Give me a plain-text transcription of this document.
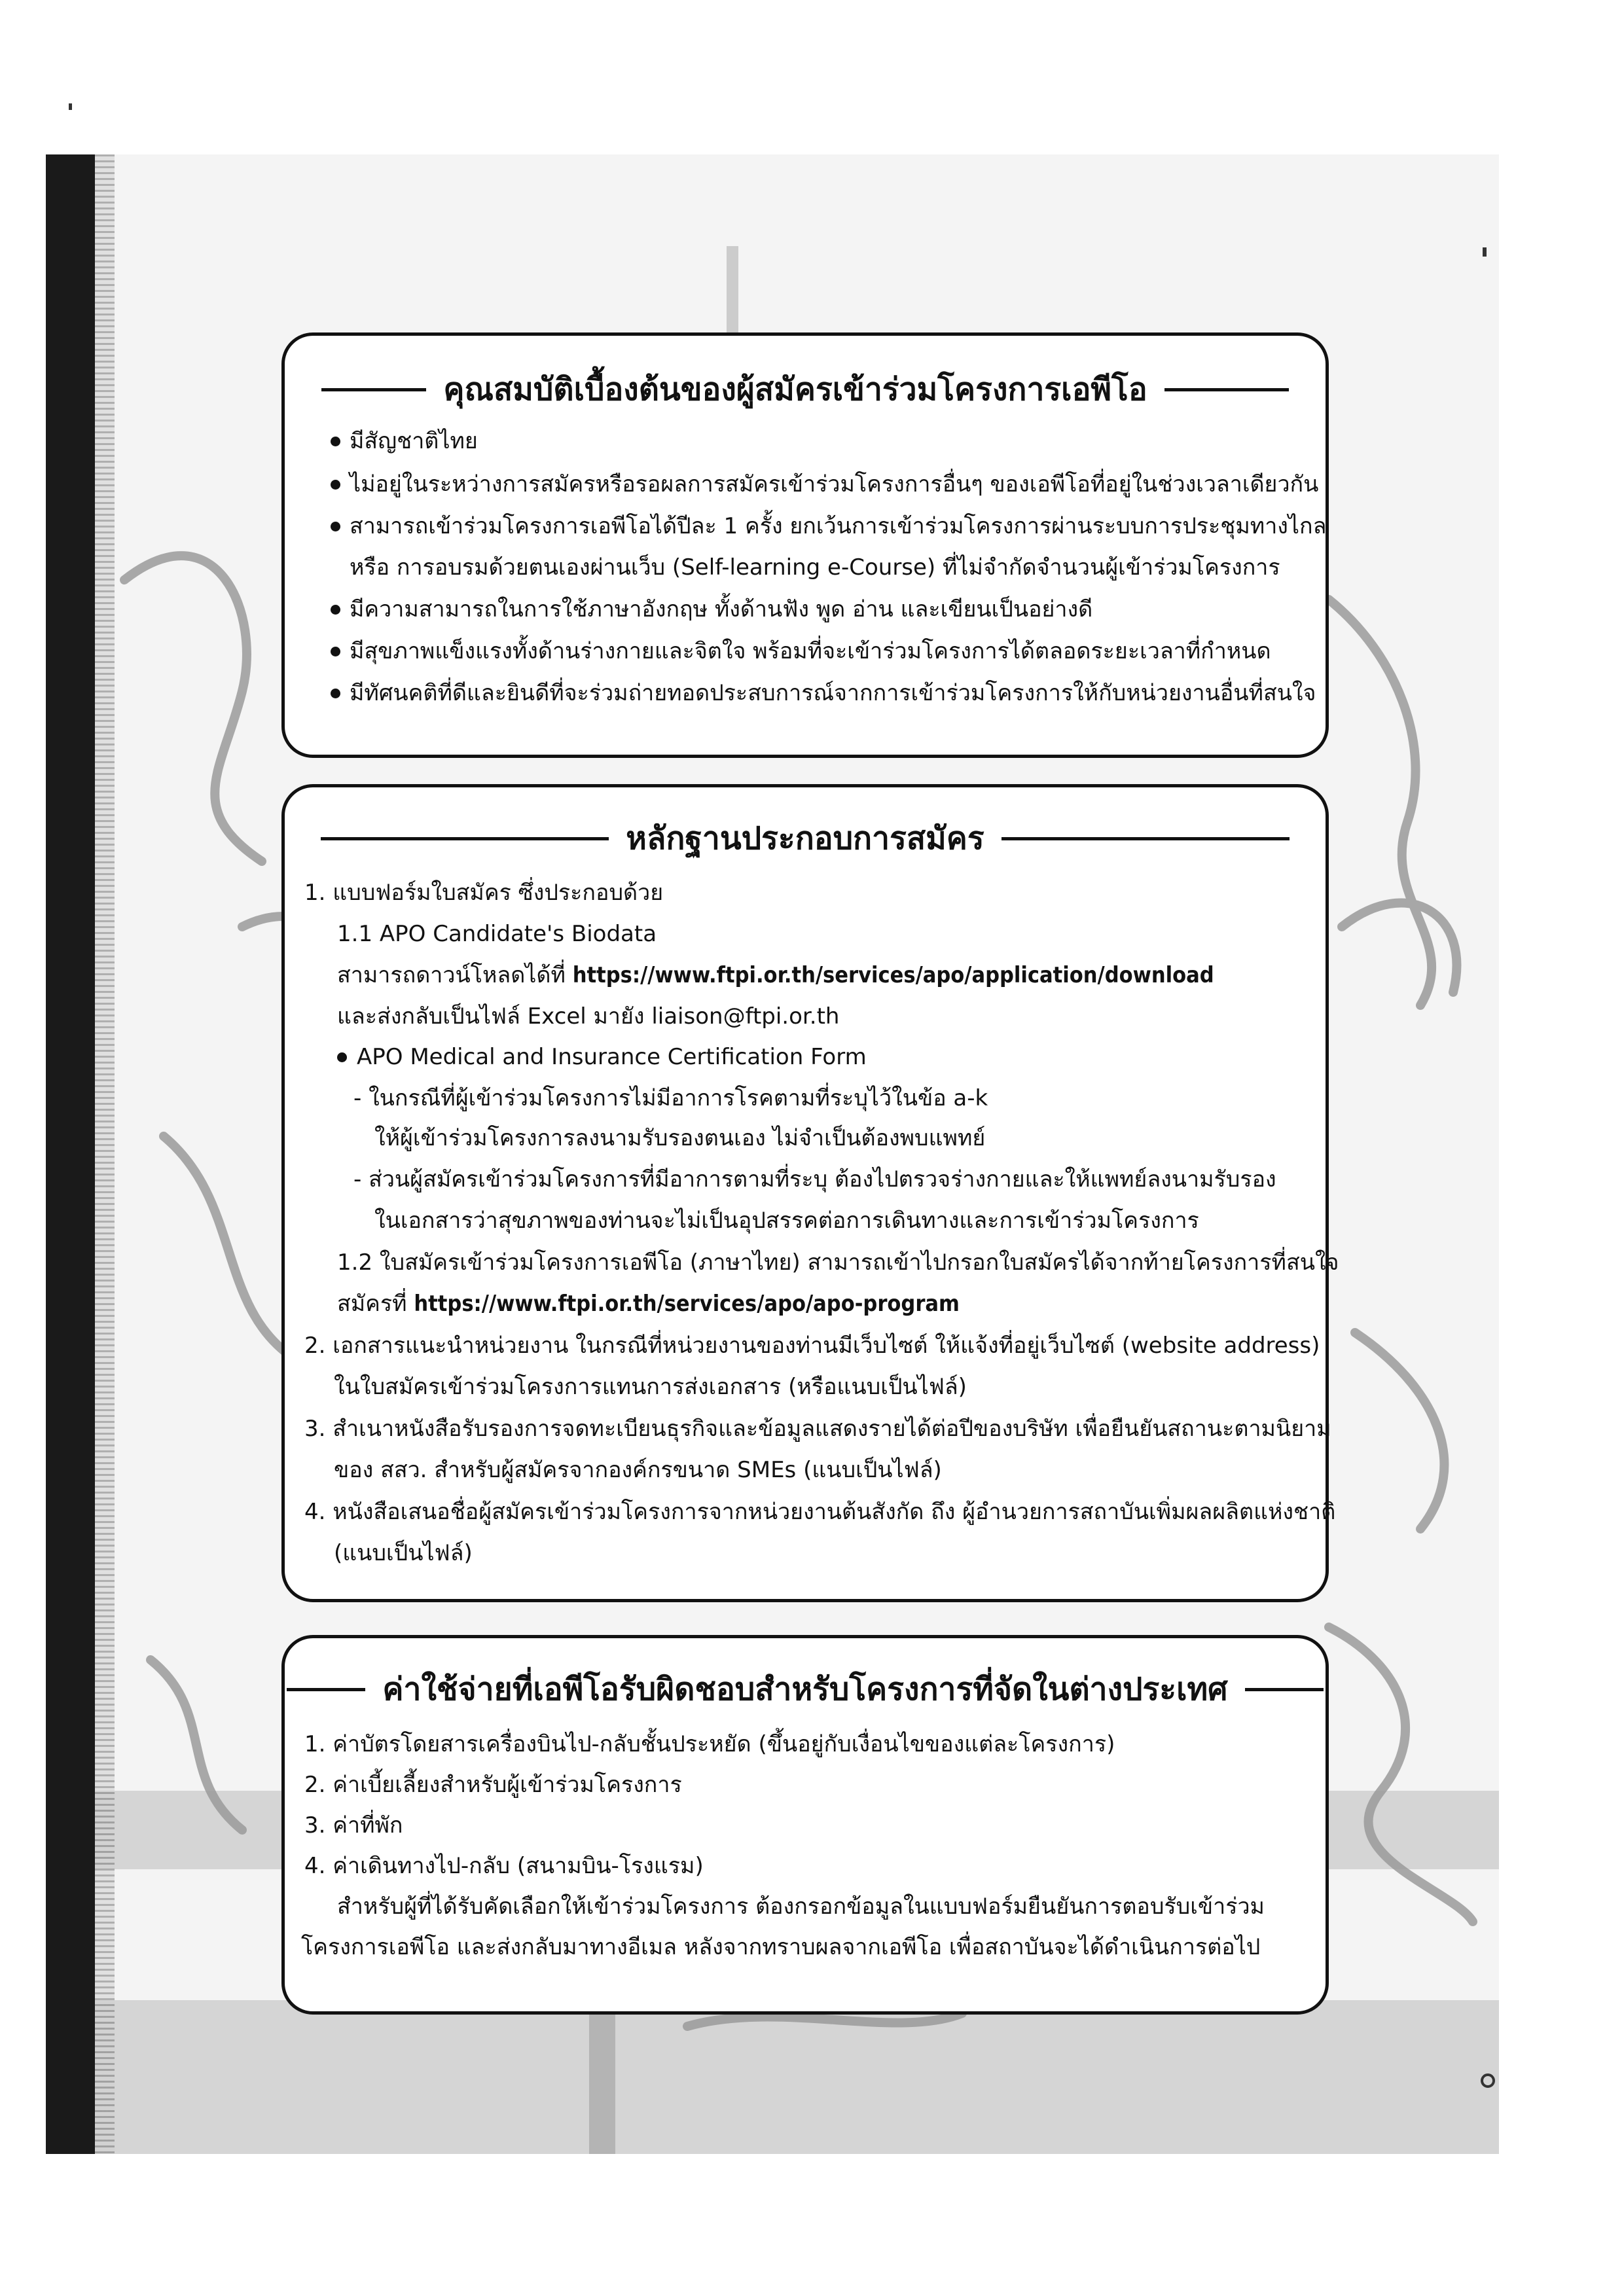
คุณสมบัติเบื้องต้นของผู้สมัครเข้าร่วมโครงการเอพีโอ
มีสัญชาติไทย
ไม่อยู่ในระหว่างการสมัครหรือรอผลการสมัครเข้าร่วมโครงการอื่นๆ ของเอพีโอที่อยู่ในช่วงเวลาเดียวกัน
สามารถเข้าร่วมโครงการเอพีโอได้ปีละ 1 ครั้ง ยกเว้นการเข้าร่วมโครงการผ่านระบบการประชุมทางไกล
หรือ การอบรมด้วยตนเองผ่านเว็บ (Self-learning e-Course) ที่ไม่จำกัดจำนวนผู้เข้าร่วมโครงการ
มีความสามารถในการใช้ภาษาอังกฤษ ทั้งด้านฟัง พูด อ่าน และเขียนเป็นอย่างดี
มีสุขภาพแข็งแรงทั้งด้านร่างกายและจิตใจ พร้อมที่จะเข้าร่วมโครงการได้ตลอดระยะเวลาที่กำหนด
มีทัศนคติที่ดีและยินดีที่จะร่วมถ่ายทอดประสบการณ์จากการเข้าร่วมโครงการให้กับหน่วยงานอื่นที่สนใจ
หลักฐานประกอบการสมัคร
1. แบบฟอร์มใบสมัคร ซึ่งประกอบด้วย
1.1 APO Candidate's Biodata
สามารถดาวน์โหลดได้ที่ https://www.ftpi.or.th/services/apo/application/download
และส่งกลับเป็นไฟล์ Excel มายัง liaison@ftpi.or.th
APO Medical and Insurance Certification Form
- ในกรณีที่ผู้เข้าร่วมโครงการไม่มีอาการโรคตามที่ระบุไว้ในข้อ a-k
ให้ผู้เข้าร่วมโครงการลงนามรับรองตนเอง ไม่จำเป็นต้องพบแพทย์
- ส่วนผู้สมัครเข้าร่วมโครงการที่มีอาการตามที่ระบุ ต้องไปตรวจร่างกายและให้แพทย์ลงนามรับรอง
ในเอกสารว่าสุขภาพของท่านจะไม่เป็นอุปสรรคต่อการเดินทางและการเข้าร่วมโครงการ
1.2 ใบสมัครเข้าร่วมโครงการเอพีโอ (ภาษาไทย) สามารถเข้าไปกรอกใบสมัครได้จากท้ายโครงการที่สนใจ
สมัครที่ https://www.ftpi.or.th/services/apo/apo-program
2. เอกสารแนะนำหน่วยงาน ในกรณีที่หน่วยงานของท่านมีเว็บไซต์ ให้แจ้งที่อยู่เว็บไซต์ (website address)
ในใบสมัครเข้าร่วมโครงการแทนการส่งเอกสาร (หรือแนบเป็นไฟล์)
3. สำเนาหนังสือรับรองการจดทะเบียนธุรกิจและข้อมูลแสดงรายได้ต่อปีของบริษัท เพื่อยืนยันสถานะตามนิยาม
ของ สสว. สำหรับผู้สมัครจากองค์กรขนาด SMEs (แนบเป็นไฟล์)
4. หนังสือเสนอชื่อผู้สมัครเข้าร่วมโครงการจากหน่วยงานต้นสังกัด ถึง ผู้อำนวยการสถาบันเพิ่มผลผลิตแห่งชาติ
(แนบเป็นไฟล์)
ค่าใช้จ่ายที่เอพีโอรับผิดชอบสำหรับโครงการที่จัดในต่างประเทศ
1. ค่าบัตรโดยสารเครื่องบินไป-กลับชั้นประหยัด (ขึ้นอยู่กับเงื่อนไขของแต่ละโครงการ)
2. ค่าเบี้ยเลี้ยงสำหรับผู้เข้าร่วมโครงการ
3. ค่าที่พัก
4. ค่าเดินทางไป-กลับ (สนามบิน-โรงแรม)
สำหรับผู้ที่ได้รับคัดเลือกให้เข้าร่วมโครงการ ต้องกรอกข้อมูลในแบบฟอร์มยืนยันการตอบรับเข้าร่วม
โครงการเอพีโอ และส่งกลับมาทางอีเมล หลังจากทราบผลจากเอพีโอ เพื่อสถาบันจะได้ดำเนินการต่อไป
